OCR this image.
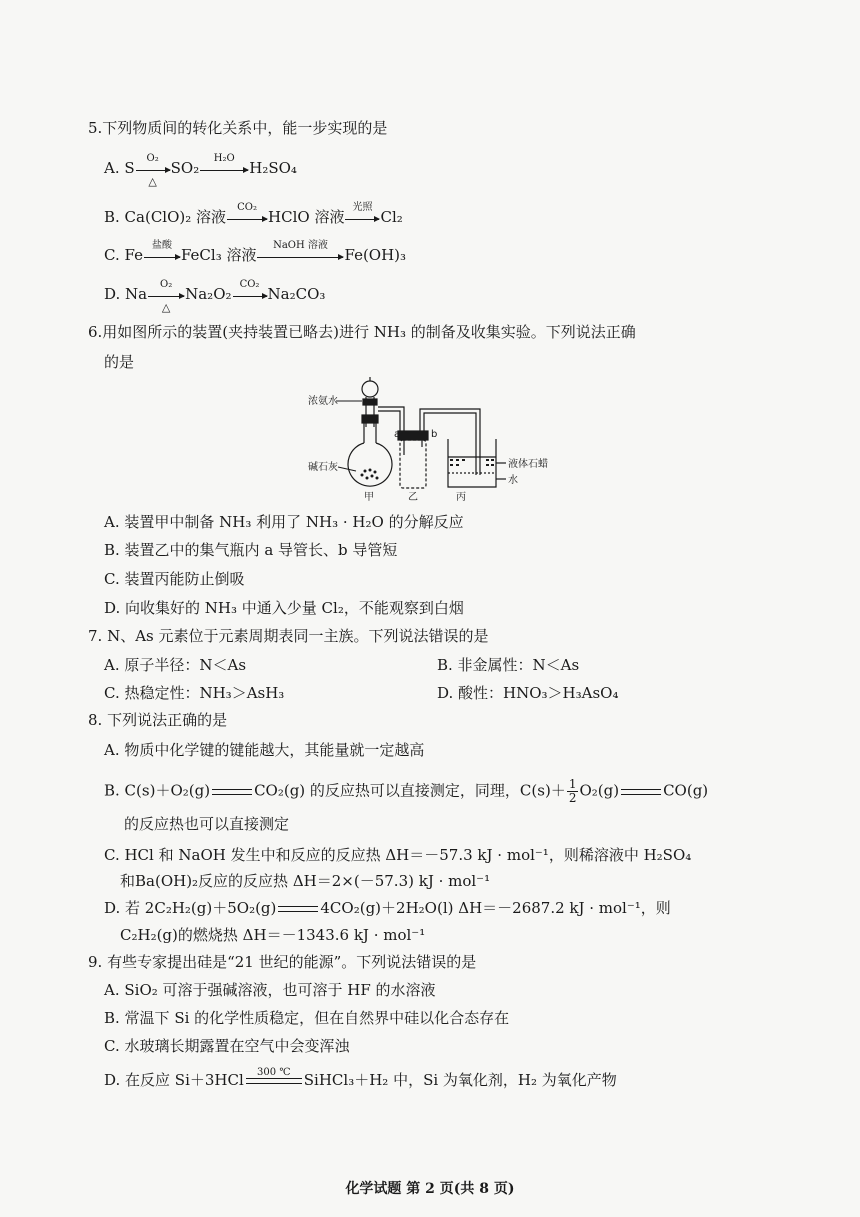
5.下列物质间的转化关系中，能一步实现的是
A. S
O₂
△
SO₂
H₂O
H₂SO₄
B. Ca(ClO)₂ 溶液
CO₂
HClO 溶液
光照
Cl₂
C. Fe
盐酸
FeCl₃ 溶液
NaOH 溶液
Fe(OH)₃
D. Na
O₂
△
Na₂O₂
CO₂
Na₂CO₃
6.用如图所示的装置(夹持装置已略去)进行 NH₃ 的制备及收集实验。下列说法正确
的是
浓氨水
碱石灰
a	b
液体石蜡
水
甲	乙	丙
A. 装置甲中制备 NH₃ 利用了 NH₃ · H₂O 的分解反应
B. 装置乙中的集气瓶内 a 导管长、b 导管短
C. 装置丙能防止倒吸
D. 向收集好的 NH₃ 中通入少量 Cl₂，不能观察到白烟
7. N、As 元素位于元素周期表同一主族。下列说法错误的是
A. 原子半径：N＜As	B. 非金属性：N＜As
C. 热稳定性：NH₃＞AsH₃	D. 酸性：HNO₃＞H₃AsO₄
8. 下列说法正确的是
A. 物质中化学键的键能越大，其能量就一定越高
B. C(s)＋O₂(g)	CO₂(g) 的反应热可以直接测定，同理，$C(s)+ \frac{1}{2} O_2(g)$	CO(g)
的反应热也可以直接测定
C. HCl 和 NaOH 发生中和反应的反应热 ΔH＝－57.3 kJ · mol⁻¹，则稀溶液中 H₂SO₄
和Ba(OH)₂反应的反应热 ΔH＝2×(－57.3) kJ · mol⁻¹
D. 若 2C₂H₂(g)＋5O₂(g)	4CO₂(g)＋2H₂O(l) ΔH＝－2687.2 kJ · mol⁻¹，则
C₂H₂(g)的燃烧热 ΔH＝－1343.6 kJ · mol⁻¹
9. 有些专家提出硅是“21 世纪的能源”。下列说法错误的是
A. SiO₂ 可溶于强碱溶液，也可溶于 HF 的水溶液
B. 常温下 Si 的化学性质稳定，但在自然界中硅以化合态存在
C. 水玻璃长期露置在空气中会变浑浊
D. 在反应 Si＋3HCl	300 ℃ SiHCl₃＋H₂ 中，Si 为氧化剂，H₂ 为氧化产物
化学试题 第 2 页(共 8 页)
